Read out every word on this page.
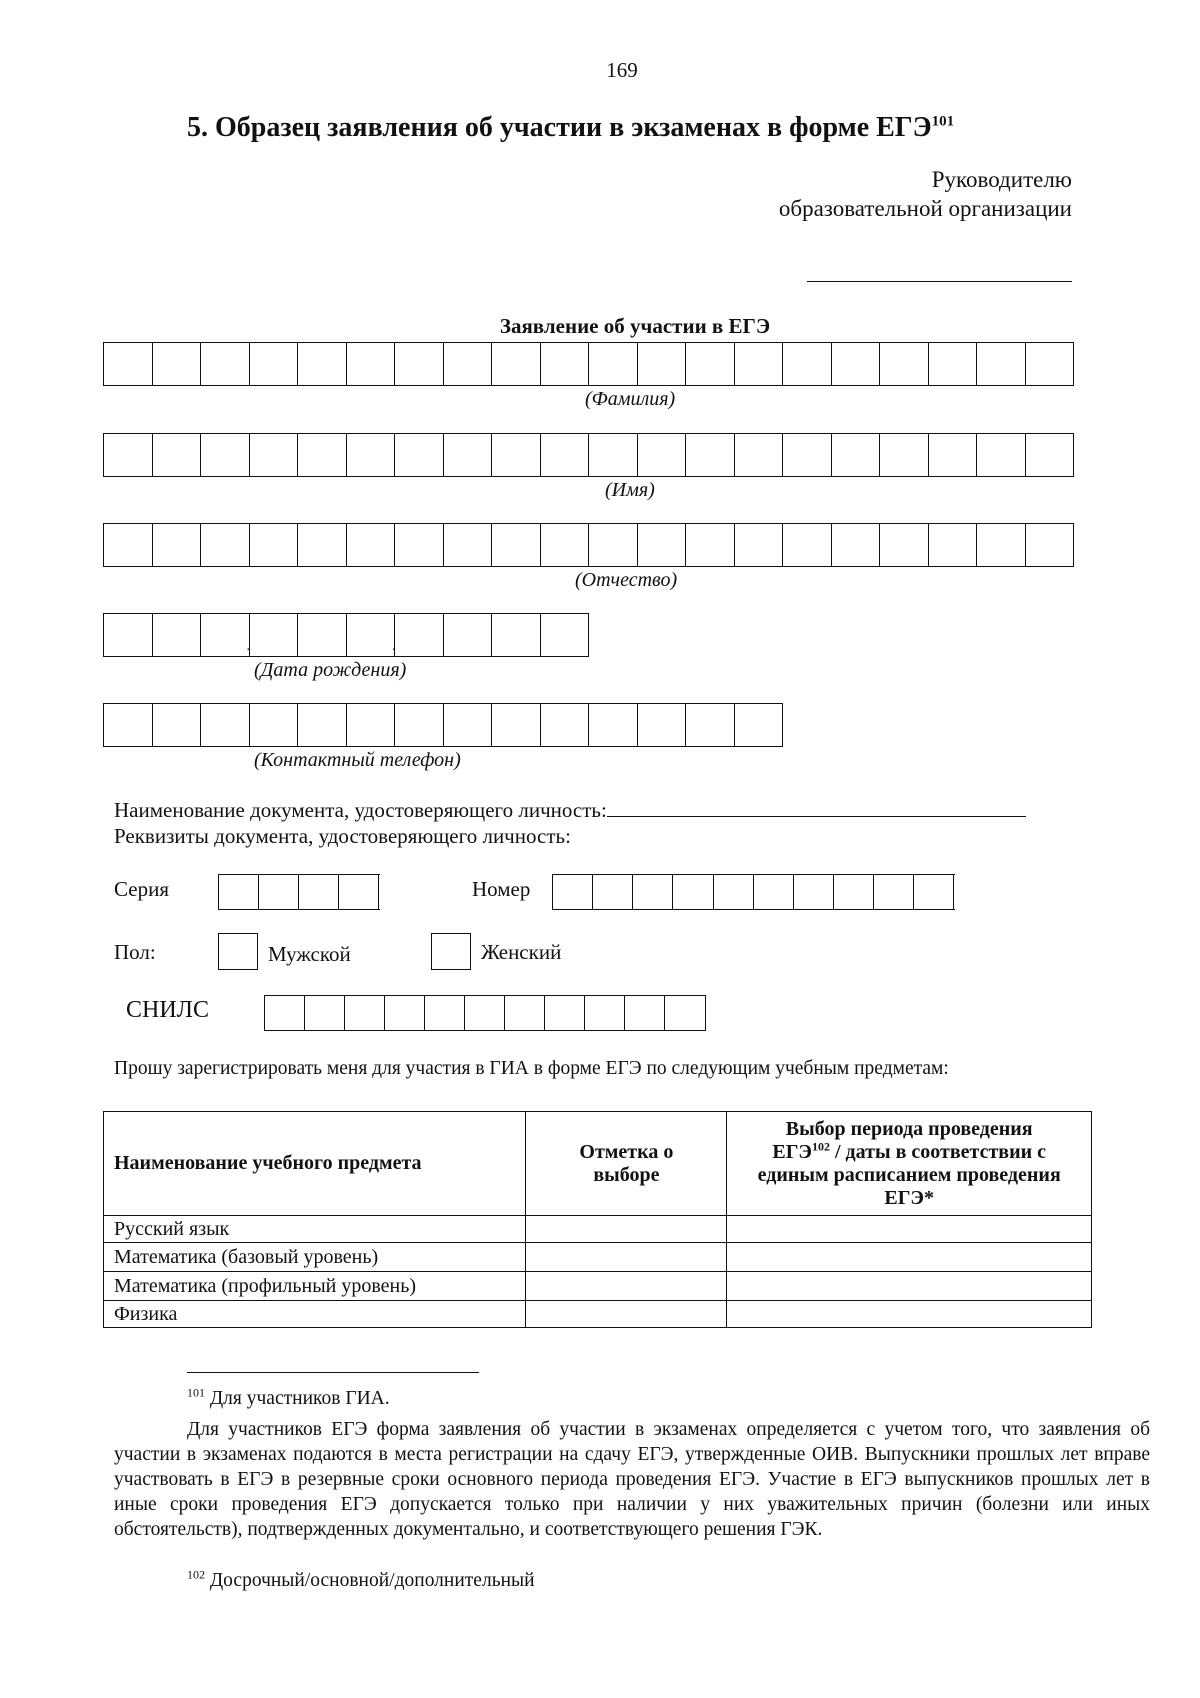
169
5. Образец заявления об участии в экзаменах в форме ЕГЭ$^{101}$
Руководителю
образовательной организации
Заявление об участии в ЕГЭ
(Фамилия)
(Имя)
(Отчество)
.	.
(Дата рождения)
(Контактный телефон)
Наименование документа, удостоверяющего личность:
Реквизиты документа, удостоверяющего личность:
Серия	Номер
Пол:	Мужской	Женский
СНИЛС
Прошу зарегистрировать меня для участия в ГИА в форме ЕГЭ по следующим учебным предметам:
Наименование учебного предмета	Отметка о выборе	Выбор периода проведения ЕГЭ$^{102}$ / даты в соответствии с единым расписанием проведения ЕГЭ*
Русский язык		
Математика (базовый уровень)		
Математика (профильный уровень)		
Физика		
$^{101}$ Для участников ГИА.
Для участников ЕГЭ форма заявления об участии в экзаменах определяется с учетом того, что заявления об участии в экзаменах подаются в места регистрации на сдачу ЕГЭ, утвержденные ОИВ. Выпускники прошлых лет вправе участвовать в ЕГЭ в резервные сроки основного периода проведения ЕГЭ. Участие в ЕГЭ выпускников прошлых лет в иные сроки проведения ЕГЭ допускается только при наличии у них уважительных причин (болезни или иных обстоятельств), подтвержденных документально, и соответствующего решения ГЭК.
$^{102}$ Досрочный/основной/дополнительный
